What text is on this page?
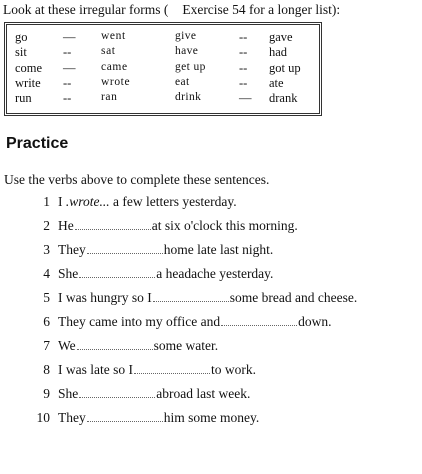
Look at these irregular forms ( Exercise 54 for a longer list):
go	— went	give	-- gave
sit	--	sat	have	-- had
come — came	get up	-- got up
write --	wrote	eat	-- ate
run	--	ran	drink	— drank
Practice
Use the verbs above to complete these sentences.
1 I .wrote... a few letters yesterday.
2 He	at six o'clock this morning.
3 They	home late last night.
4 She	a headache yesterday.
5 I was hungry so I	some bread and cheese.
6 They came into my office and	down.
7 We	some water.
8 I was late so I	to work.
9 She	abroad last week.
10 They	him some money.
